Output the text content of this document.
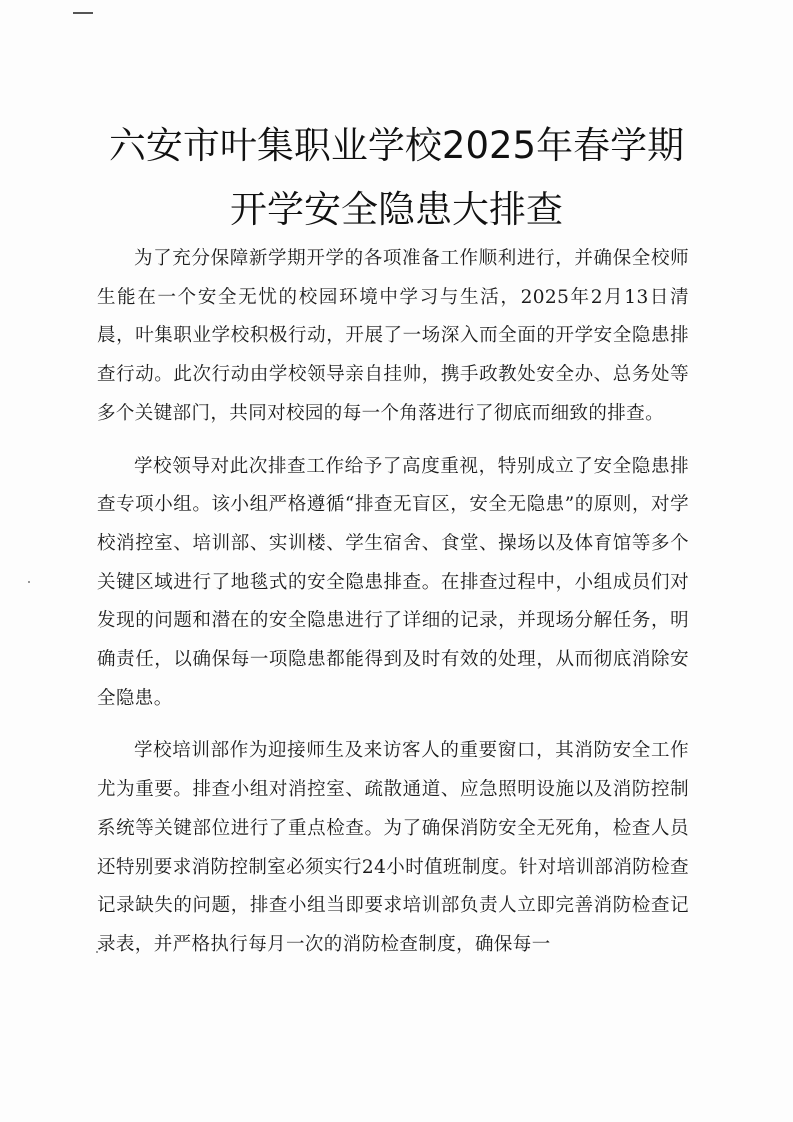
六安市叶集职业学校2025年春学期
开学安全隐患大排查

为了充分保障新学期开学的各项准备工作顺利进行，并确保全校师生能在一个安全无忧的校园环境中学习与生活，2025年2月13日清晨，叶集职业学校积极行动，开展了一场深入而全面的开学安全隐患排查行动。此次行动由学校领导亲自挂帅，携手政教处安全办、总务处等多个关键部门，共同对校园的每一个角落进行了彻底而细致的排查。

学校领导对此次排查工作给予了高度重视，特别成立了安全隐患排查专项小组。该小组严格遵循“排查无盲区，安全无隐患”的原则，对学校消控室、培训部、实训楼、学生宿舍、食堂、操场以及体育馆等多个关键区域进行了地毯式的安全隐患排查。在排查过程中，小组成员们对发现的问题和潜在的安全隐患进行了详细的记录，并现场分解任务，明确责任，以确保每一项隐患都能得到及时有效的处理，从而彻底消除安全隐患。

学校培训部作为迎接师生及来访客人的重要窗口，其消防安全工作尤为重要。排查小组对消控室、疏散通道、应急照明设施以及消防控制系统等关键部位进行了重点检查。为了确保消防安全无死角，检查人员还特别要求消防控制室必须实行24小时值班制度。针对培训部消防检查记录缺失的问题，排查小组当即要求培训部负责人立即完善消防检查记录表，并严格执行每月一次的消防检查制度，确保每一
